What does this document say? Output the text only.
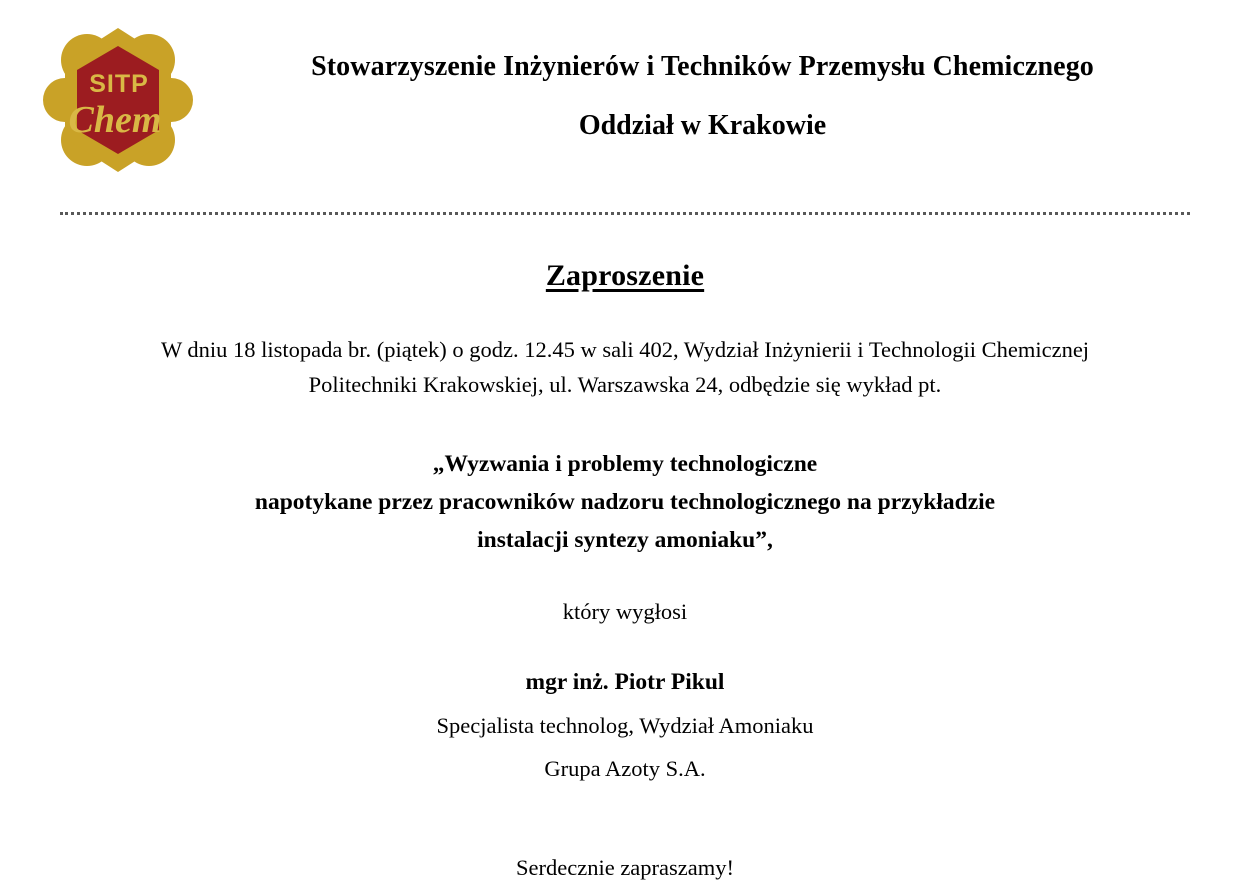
SITP
Chem
Stowarzyszenie Inżynierów i Techników Przemysłu Chemicznego
Oddział w Krakowie
Zaproszenie
W dniu 18 listopada br. (piątek) o godz. 12.45 w sali 402, Wydział Inżynierii i Technologii Chemicznej
Politechniki Krakowskiej, ul. Warszawska 24, odbędzie się wykład pt.
„Wyzwania i problemy technologiczne
napotykane przez pracowników nadzoru technologicznego na przykładzie
instalacji syntezy amoniaku”,
który wygłosi
mgr inż. Piotr Pikul
Specjalista technolog, Wydział Amoniaku
Grupa Azoty S.A.
Serdecznie zapraszamy!
